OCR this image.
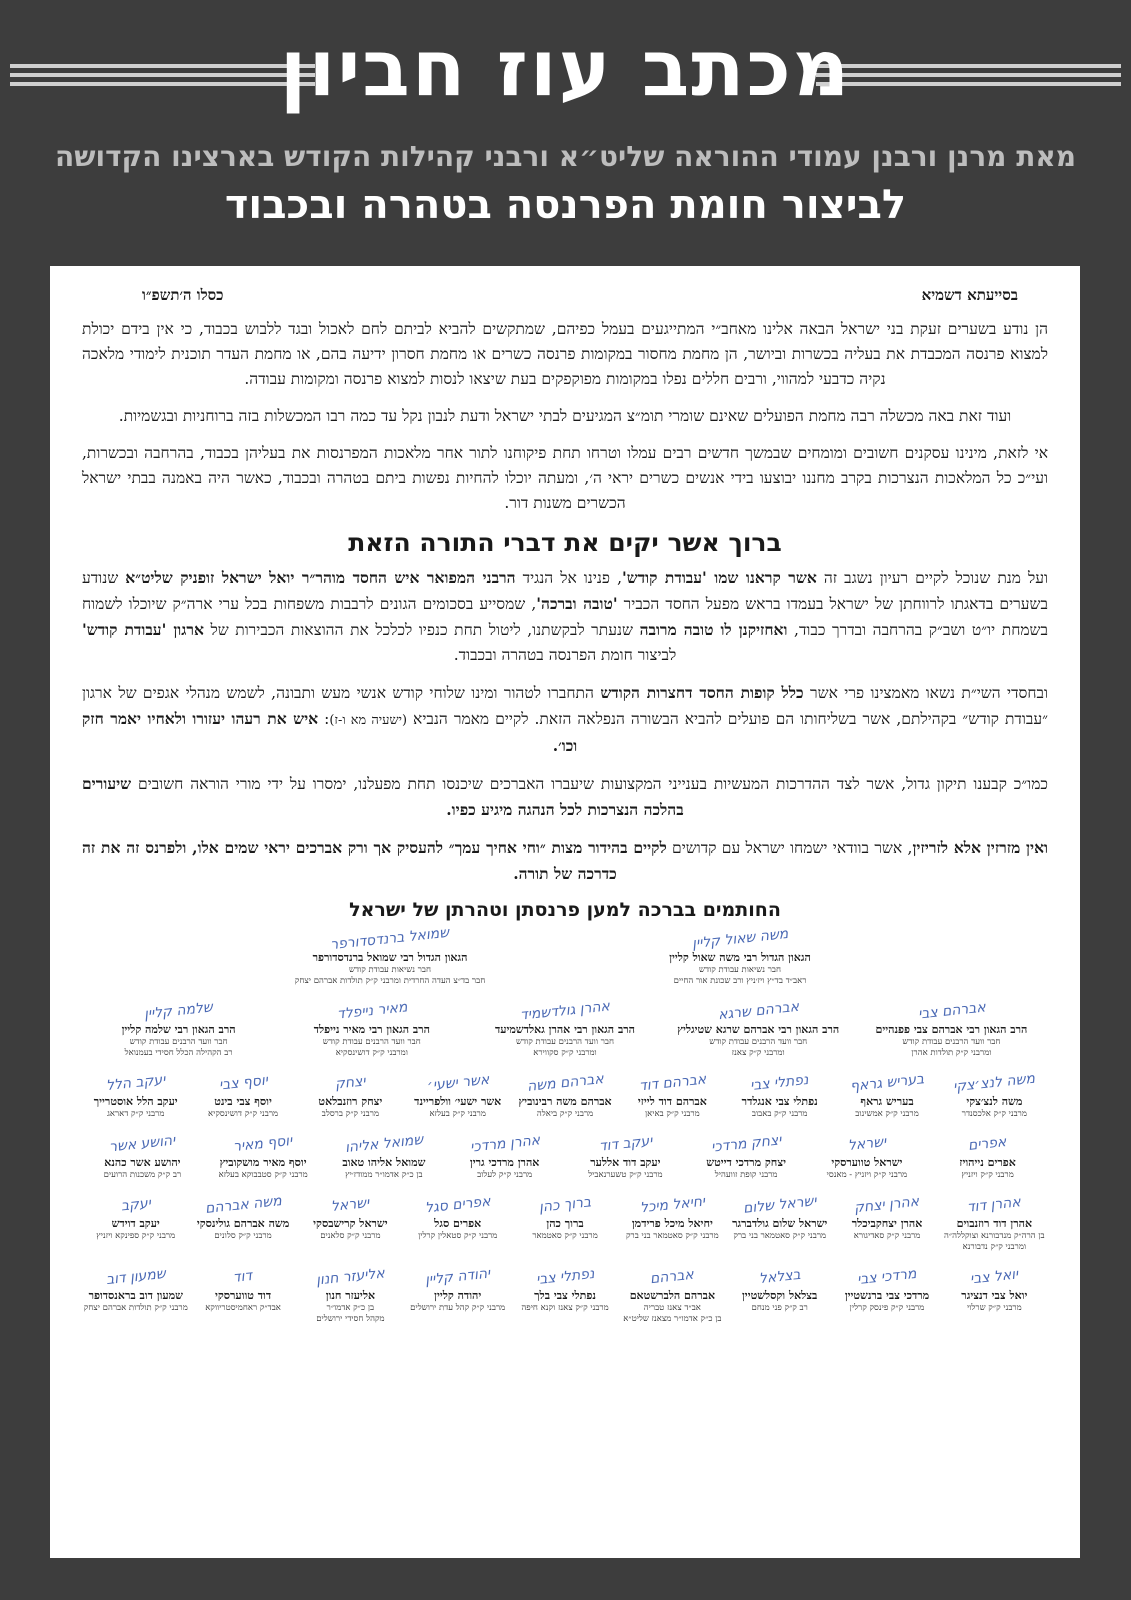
מכתב עוז חביון
מאת מרנן ורבנן עמודי ההוראה שליט״א ורבני קהילות הקודש בארצינו הקדושה
לביצור חומת הפרנסה בטהרה ובכבוד
בסייעתא דשמיא
כסלו ה׳תשפ״ו

הן נודע בשערים זעקת בני ישראל הבאה אלינו מאחב״י המתייגעים בעמל כפיהם, שמתקשים להביא לביתם לחם לאכול ובגד ללבוש בכבוד, כי אין בידם יכולת למצוא פרנסה המכבדת את בעליה בכשרות וביושר, הן מחמת מחסור במקומות פרנסה כשרים או מחמת חסרון ידיעה בהם, או מחמת העדר תוכנית לימודי מלאכה נקיה כדבעי למהווי, ורבים חללים נפלו במקומות מפוקפקים בעת שיצאו לנסות למצוא פרנסה ומקומות עבודה.

ועוד זאת באה מכשלה רבה מחמת הפועלים שאינם שומרי תומ״צ המגיעים לבתי ישראל ודעת לנבון נקל עד כמה רבו המכשלות בזה ברוחניות ובגשמיות.

אי לזאת, מינינו עסקנים חשובים ומומחים שבמשך חדשים רבים עמלו וטרחו תחת פיקוחנו לתור אחר מלאכות המפרנסות את בעליהן בכבוד, בהרחבה ובכשרות, ועי״כ כל המלאכות הנצרכות בקרב מחננו יבוצעו בידי אנשים כשרים יראי ה׳, ומעתה יוכלו להחיות נפשות ביתם בטהרה ובכבוד, כאשר היה באמנה בבתי ישראל הכשרים משנות דור.

ברוך אשר יקים את דברי התורה הזאת

ועל מנת שנוכל לקיים רעיון נשגב זה אשר קראנו שמו 'עבודת קודש', פנינו אל הנגיד הרבני המפואר איש החסד מוהר״ר יואל ישראל זופניק שליט״א שנודע בשערים בדאגתו לרווחתן של ישראל בעמדו בראש מפעל החסד הכביר 'טובה וברכה', שמסייע בסכומים הגונים לרבבות משפחות בכל ערי ארה״ק שיוכלו לשמוח בשמחת יו״ט ושב״ק בהרחבה ובדרך כבוד, ואחזיקנן לו טובה מרובה שנעתר לבקשתנו, ליטול תחת כנפיו לכלכל את ההוצאות הכבירות של ארגון 'עבודת קודש' לביצור חומת הפרנסה בטהרה ובכבוד.

ובחסדי השי״ת נשאו מאמצינו פרי אשר כלל קופות החסד דחצרות הקודש התחברו לטהור ומינו שלוחי קודש אנשי מעש ותבונה, לשמש מנהלי אגפים של ארגון ״עבודת קודש״ בקהילתם, אשר בשליחותו הם פועלים להביא הבשורה הנפלאה הזאת. לקיים מאמר הנביא (ישעיה מא ו-ז): איש את רעהו יעזורו ולאחיו יאמר חזק וכו׳.

כמו״כ קבענו תיקון גדול, אשר לצד ההדרכות המעשיות בענייני המקצועות שיעברו האברכים שיכנסו תחת מפעלנו, ימסרו על ידי מורי הוראה חשובים שיעורים בהלכה הנצרכות לכל הנהגה מיגיע כפיו.

ואין מזרזין אלא לזריזין, אשר בוודאי ישמחו ישראל עם קדושים לקיים בהידור מצות ״וחי אחיך עמך״ להעסיק אך ורק אברכים יראי שמים אלו, ולפרנס זה את זה כדרכה של תורה.

החותמים בברכה למען פרנסתן וטהרתן של ישראל
משה שאול קליין
הגאון הגדול רבי משה שאול קליין
חבר נשיאות עבודת קודש
ראב״ד בד״ץ ויז׳ניץ ורב שכונת אור החיים
שמואל ברנדסדורפר
הגאון הגדול רבי שמואל ברנדסדורפר
חבר נשיאות עבודת קודש
חבר בד״צ העדה החרדית ומרבני ק״ק תולדות אברהם יצחק
אברהם צבי
הרב הגאון רבי אברהם צבי פפנהיים
חבר וועד הרבנים עבודת קודש
ומרבני ק״ק תולדות אהרן
אברהם שרגא
הרב הגאון רבי אברהם שרגא שטיגליץ
חבר וועד הרבנים עבודת קודש
ומרבני ק״ק צאנז
אהרן גולדשמיד
הרב הגאון רבי אהרן גאלדשמיעד
חבר וועד הרבנים עבודת קודש
ומרבני ק״ק סקווירא
מאיר נייפלד
הרב הגאון רבי מאיר נייפלד
חבר וועד הרבנים עבודת קודש
ומרבני ק״ק דושינסקיא
שלמה קליין
הרב הגאון רבי שלמה קליין
חבר וועד הרבנים עבודת קודש
רב הקהילה הכלל חסידי בעמנואל
משה לנצ׳צקי
משה לנצ׳צקי
מרבני ק״ק אלכסנדר
בעריש גראף
בעריש גראף
מרבני ק״ק אמשינוב
נפתלי צבי
נפתלי צבי אנגלדר
מרבני ק״ק באבוב
אברהם דוד
אברהם דוד לייזי
מרבני ק״ק באיאן
אברהם משה
אברהם משה רבינוביץ
מרבני ק״ק ביאלה
אשר ישעי׳
אשר ישעי׳ וולפריינד
מרבני ק״ק בעלזא
יצחק
יצחק רוזנבלאט
מרבני ק״ק ברסלב
יוסף צבי
יוסף צבי בינט
מרבני ק״ק דושינסקיא
יעקב הלל
יעקב הלל אוסטרייך
מרבני ק״ק דאראג
אפרים
אפרים נייהויז
מרבני ק״ק ויזניץ
ישראל
ישראל טווערסקי
מרבני ק״ק ויזניץ - מאנסי
יצחק מרדכי
יצחק מרדכי דייטש
מרבני קופת זוועהיל
יעקב דוד
יעקב דוד אללער
מרבני ק״ק טשערנאביל
אהרן מרדכי
אהרן מרדכי גרין
מרבני ק״ק לעלוב
שמואל אליהו
שמואל אליהו טאוב
בן כ״ק אדמו״ר ממודז׳יץ
יוסף מאיר
יוסף מאיר מושקוביץ
מרבני ק״ק סטבבוקא בעלזא
יהושע אשר
יהושע אשר כהנא
רב ק״ק משכנות הרועים
אהרן דוד
אהרן דוד רוזנבוים
בן הרה״ק מנדבורנא וצוקללה״ה
ומרבני ק״ק נדבורנא
אהרן יצחק
אהרן יצחקביכלר
מרבני ק״ק סאדיגורא
ישראל שלום
ישראל שלום גולדברגר
מרבני ק״ק סאטמאר בני ברק
יחיאל מיכל
יחיאל מיכל פרידמן
מרבני ק״ק סאטמאר בני ברק
ברוך כהן
ברוך כהן
מרבני ק״ק סאטמאר
אפרים סגל
אפרים סגל
מרבני ק״ק סטאלין קרלין
ישראל
ישראל קרישבסקי
מרבני ק״ק סלאנים
משה אברהם
משה אברהם גולינסקי
מרבני ק״ק סלונים
יעקב
יעקב דוידש
מרבני ק״ק ספינקא ויזניץ
יואל צבי
יואל צבי דנציגר
מרבני ק״ק שרלוי
מרדכי צבי
מרדכי צבי ברנשטיין
מרבני ק״ק פינסק קרלין
בצלאל
בצלאל וקסלשטיין
רב ק״ק פני מנחם
אברהם
אברהם הלברשטאם
אב״ד צאנז טבריה
בן כ״ק אדמו״ר מצאנז שליט״א
נפתלי צבי
נפתלי צבי בלך
מרבני ק״ק צאנז וקנא חיפה
יהודה קליין
יהודה קליין
מרבני ק״ק קהל עדת ירושלים
אליעזר חנון
אליעזר חנון
בן כ״ק אדמו״ר
מקהל חסידי ירושלים
דוד
דוד טווערסקי
אבד״ק ראחמיסטריווקא
שמעון דוב
שמעון דוב בראנסדופר
מרבני ק״ק תולדות אברהם יצחק
